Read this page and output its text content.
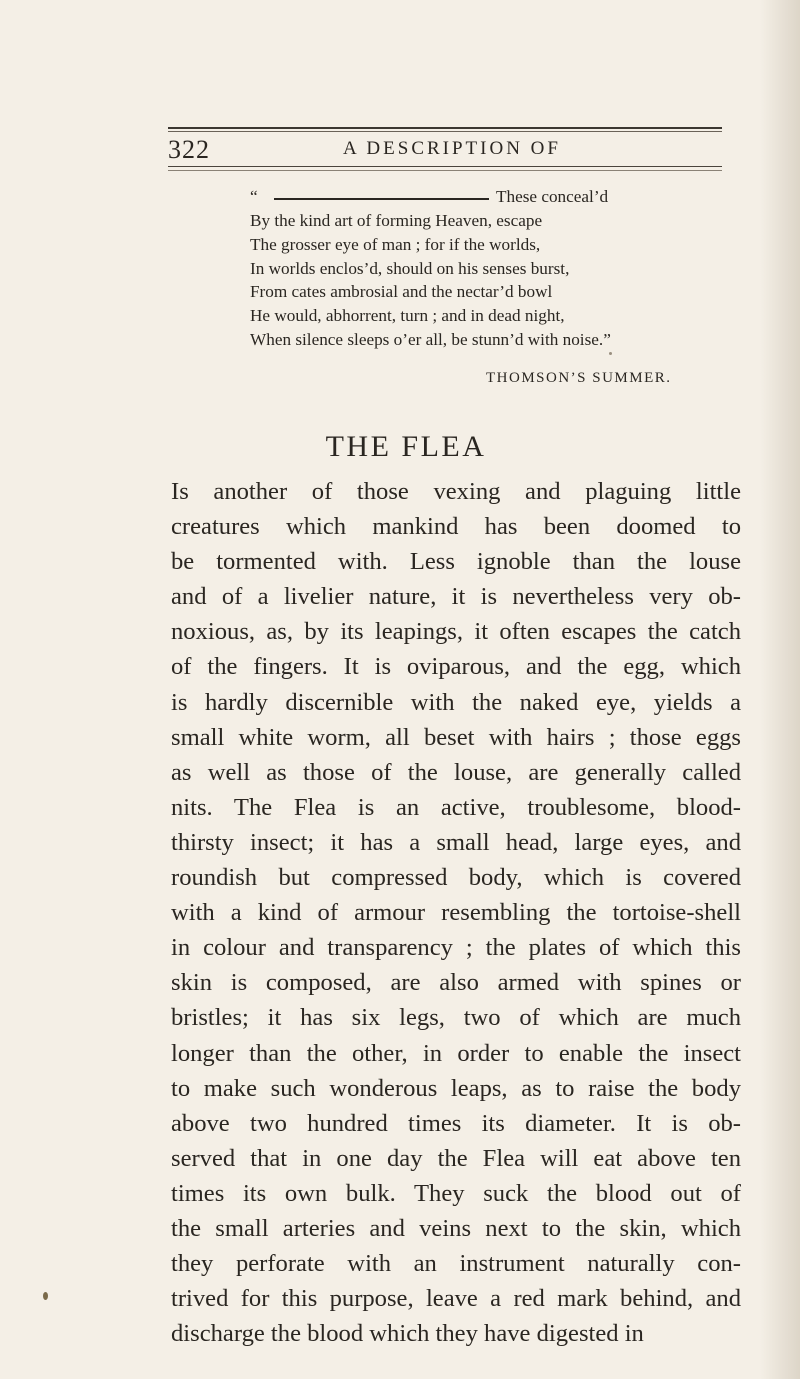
322	A DESCRIPTION OF
“	These conceal’d
By the kind art of forming Heaven, escape
The grosser eye of man ; for if the worlds,
In worlds enclos’d, should on his senses burst,
From cates ambrosial and the nectar’d bowl
He would, abhorrent, turn ; and in dead night,
When silence sleeps o’er all, be stunn’d with noise.”
THOMSON’S SUMMER.
THE FLEA
Is another of those vexing and plaguing little
creatures which mankind has been doomed to
be tormented with. Less ignoble than the louse
and of a livelier nature, it is nevertheless very ob-
noxious, as, by its leapings, it often escapes the catch
of the fingers. It is oviparous, and the egg, which
is hardly discernible with the naked eye, yields a
small white worm, all beset with hairs ; those eggs
as well as those of the louse, are generally called
nits. The Flea is an active, troublesome, blood-
thirsty insect; it has a small head, large eyes, and
roundish but compressed body, which is covered
with a kind of armour resembling the tortoise-shell
in colour and transparency ; the plates of which this
skin is composed, are also armed with spines or
bristles; it has six legs, two of which are much
longer than the other, in order to enable the insect
to make such wonderous leaps, as to raise the body
above two hundred times its diameter. It is ob-
served that in one day the Flea will eat above ten
times its own bulk. They suck the blood out of
the small arteries and veins next to the skin, which
they perforate with an instrument naturally con-
trived for this purpose, leave a red mark behind, and
discharge the blood which they have digested in
